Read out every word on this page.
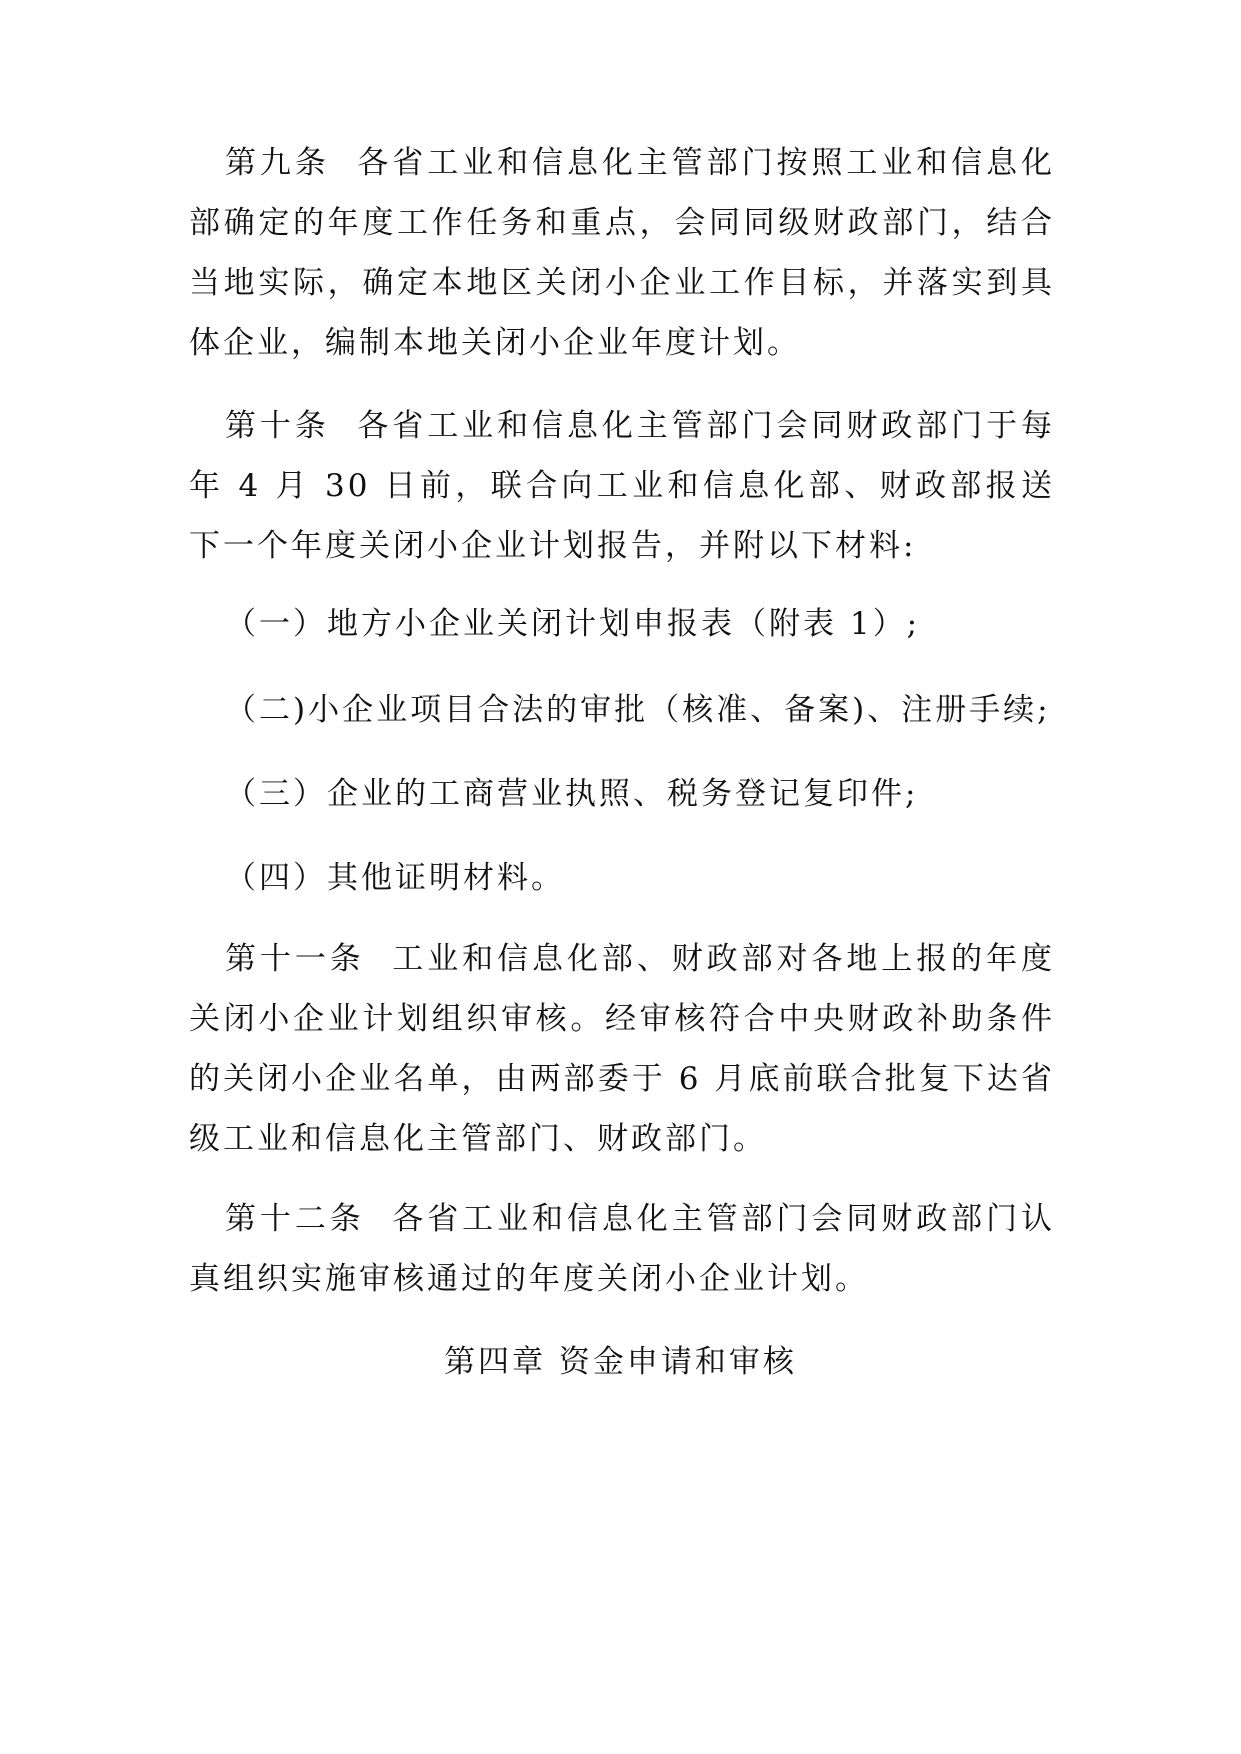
第九条 各省工业和信息化主管部门按照工业和信息化部确定的年度工作任务和重点，会同同级财政部门，结合当地实际，确定本地区关闭小企业工作目标，并落实到具体企业，编制本地关闭小企业年度计划。

第十条 各省工业和信息化主管部门会同财政部门于每年 4 月 30 日前，联合向工业和信息化部、财政部报送下一个年度关闭小企业计划报告，并附以下材料:

（一）地方小企业关闭计划申报表（附表 1）;

（二)小企业项目合法的审批（核准、备案)、注册手续;

（三）企业的工商营业执照、税务登记复印件;

（四）其他证明材料。

第十一条 工业和信息化部、财政部对各地上报的年度关闭小企业计划组织审核。经审核符合中央财政补助条件的关闭小企业名单，由两部委于 6 月底前联合批复下达省级工业和信息化主管部门、财政部门。

第十二条 各省工业和信息化主管部门会同财政部门认真组织实施审核通过的年度关闭小企业计划。

第四章 资金申请和审核
